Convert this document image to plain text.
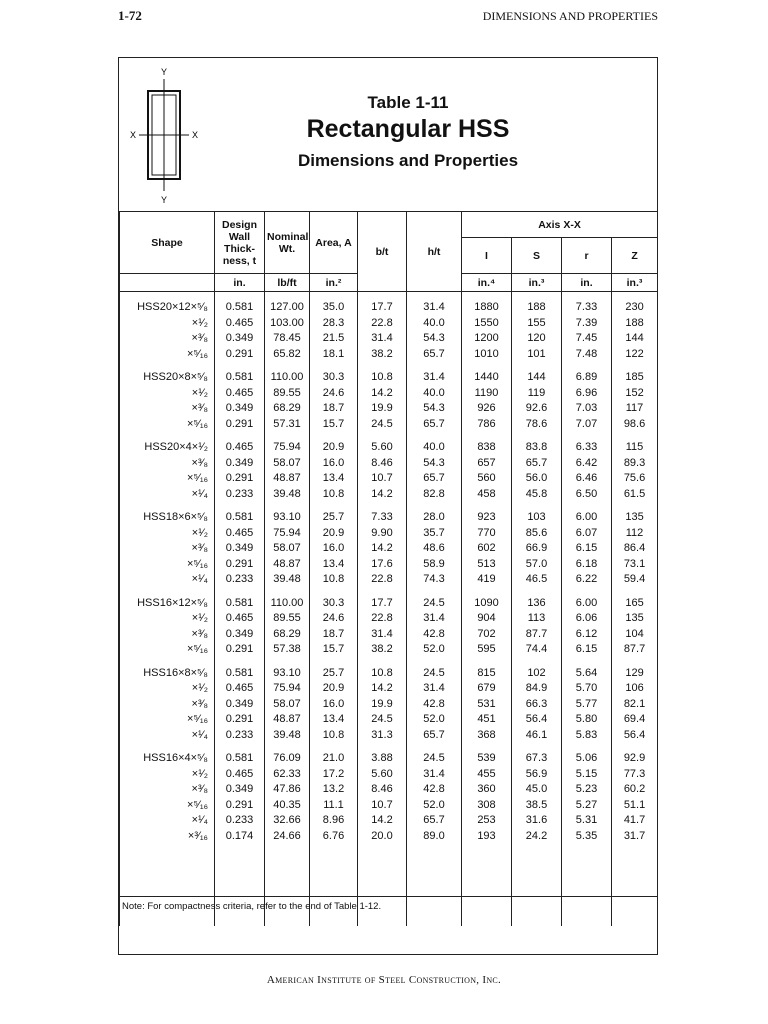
1-72	DIMENSIONS AND PROPERTIES
Y
Y
X	X
Table 1-11
Rectangular HSS
Dimensions and Properties
Shape	Design Wall Thick- ness, t	Nominal Wt.	Area, A	b/t	h/t	Axis X-X			
						I	S	r	Z
	in.	lb/ft	in.²			in.⁴	in.³	in.	in.³

HSS20×12×⁵⁄₈	0.581	127.00	35.0	17.7	31.4	1880	188	7.33	230
×¹⁄₂	0.465	103.00	28.3	22.8	40.0	1550	155	7.39	188
×³⁄₈	0.349	78.45	21.5	31.4	54.3	1200	120	7.45	144
×⁵⁄₁₆	0.291	65.82	18.1	38.2	65.7	1010	101	7.48	122

HSS20×8×⁵⁄₈	0.581	110.00	30.3	10.8	31.4	1440	144	6.89	185
×¹⁄₂	0.465	89.55	24.6	14.2	40.0	1190	119	6.96	152
×³⁄₈	0.349	68.29	18.7	19.9	54.3	926	92.6	7.03	117
×⁵⁄₁₆	0.291	57.31	15.7	24.5	65.7	786	78.6	7.07	98.6

HSS20×4×¹⁄₂	0.465	75.94	20.9	5.60	40.0	838	83.8	6.33	115
×³⁄₈	0.349	58.07	16.0	8.46	54.3	657	65.7	6.42	89.3
×⁵⁄₁₆	0.291	48.87	13.4	10.7	65.7	560	56.0	6.46	75.6
×¹⁄₄	0.233	39.48	10.8	14.2	82.8	458	45.8	6.50	61.5

HSS18×6×⁵⁄₈	0.581	93.10	25.7	7.33	28.0	923	103	6.00	135
×¹⁄₂	0.465	75.94	20.9	9.90	35.7	770	85.6	6.07	112
×³⁄₈	0.349	58.07	16.0	14.2	48.6	602	66.9	6.15	86.4
×⁵⁄₁₆	0.291	48.87	13.4	17.6	58.9	513	57.0	6.18	73.1
×¹⁄₄	0.233	39.48	10.8	22.8	74.3	419	46.5	6.22	59.4

HSS16×12×⁵⁄₈	0.581	110.00	30.3	17.7	24.5	1090	136	6.00	165
×¹⁄₂	0.465	89.55	24.6	22.8	31.4	904	113	6.06	135
×³⁄₈	0.349	68.29	18.7	31.4	42.8	702	87.7	6.12	104
×⁵⁄₁₆	0.291	57.38	15.7	38.2	52.0	595	74.4	6.15	87.7

HSS16×8×⁵⁄₈	0.581	93.10	25.7	10.8	24.5	815	102	5.64	129
×¹⁄₂	0.465	75.94	20.9	14.2	31.4	679	84.9	5.70	106
×³⁄₈	0.349	58.07	16.0	19.9	42.8	531	66.3	5.77	82.1
×⁵⁄₁₆	0.291	48.87	13.4	24.5	52.0	451	56.4	5.80	69.4
×¹⁄₄	0.233	39.48	10.8	31.3	65.7	368	46.1	5.83	56.4

HSS16×4×⁵⁄₈	0.581	76.09	21.0	3.88	24.5	539	67.3	5.06	92.9
×¹⁄₂	0.465	62.33	17.2	5.60	31.4	455	56.9	5.15	77.3
×³⁄₈	0.349	47.86	13.2	8.46	42.8	360	45.0	5.23	60.2
×⁵⁄₁₆	0.291	40.35	11.1	10.7	52.0	308	38.5	5.27	51.1
×¹⁄₄	0.233	32.66	8.96	14.2	65.7	253	31.6	5.31	41.7
×³⁄₁₆	0.174	24.66	6.76	20.0	89.0	193	24.2	5.35	31.7

Note: For compactness criteria, refer to the end of Table 1-12.
American Institute of Steel Construction, Inc.
